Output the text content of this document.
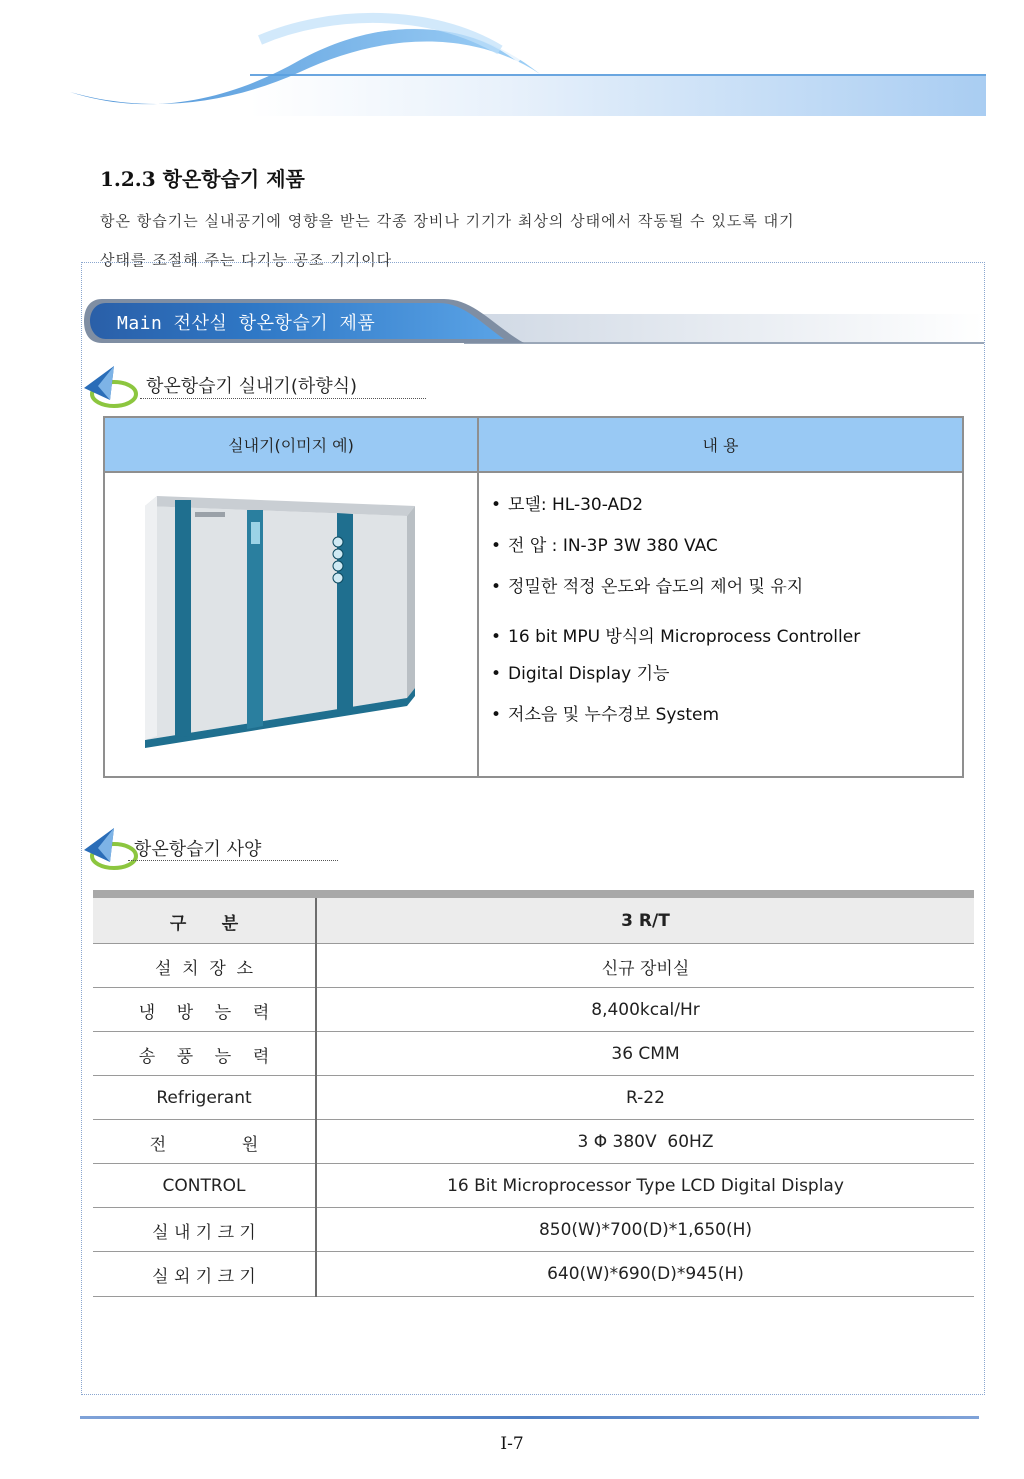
1.2.3 항온항습기 제품
항온 항습기는 실내공기에 영향을 받는 각종 장비나 기기가 최상의 상태에서 작동될 수 있도록 대기
상태를 조절해 주는 다기능 공조 기기이다
Main 전산실 항온항습기 제품
항온항습기 실내기(하향식)
실내기(이미지 예)	내 용
• 모델: HL-30-AD2
• 전 압 : IN-3P 3W 380 VAC
• 정밀한 적정 온도와 습도의 제어 및 유지
• 16 bit MPU 방식의 Microprocess Controller
• Digital Display 기능
• 저소음 및 누수경보 System
항온항습기 사양
구      분	3 R/T
설  치  장  소	신규 장비실
냉    방    능    력	8,400kcal/Hr
송    풍    능    력	36 CMM
Refrigerant	R-22
전              원	3 Φ 380V  60HZ
CONTROL	16 Bit Microprocessor Type LCD Digital Display
실 내 기 크 기	850(W)*700(D)*1,650(H)
실 외 기 크 기	640(W)*690(D)*945(H)
I-7
